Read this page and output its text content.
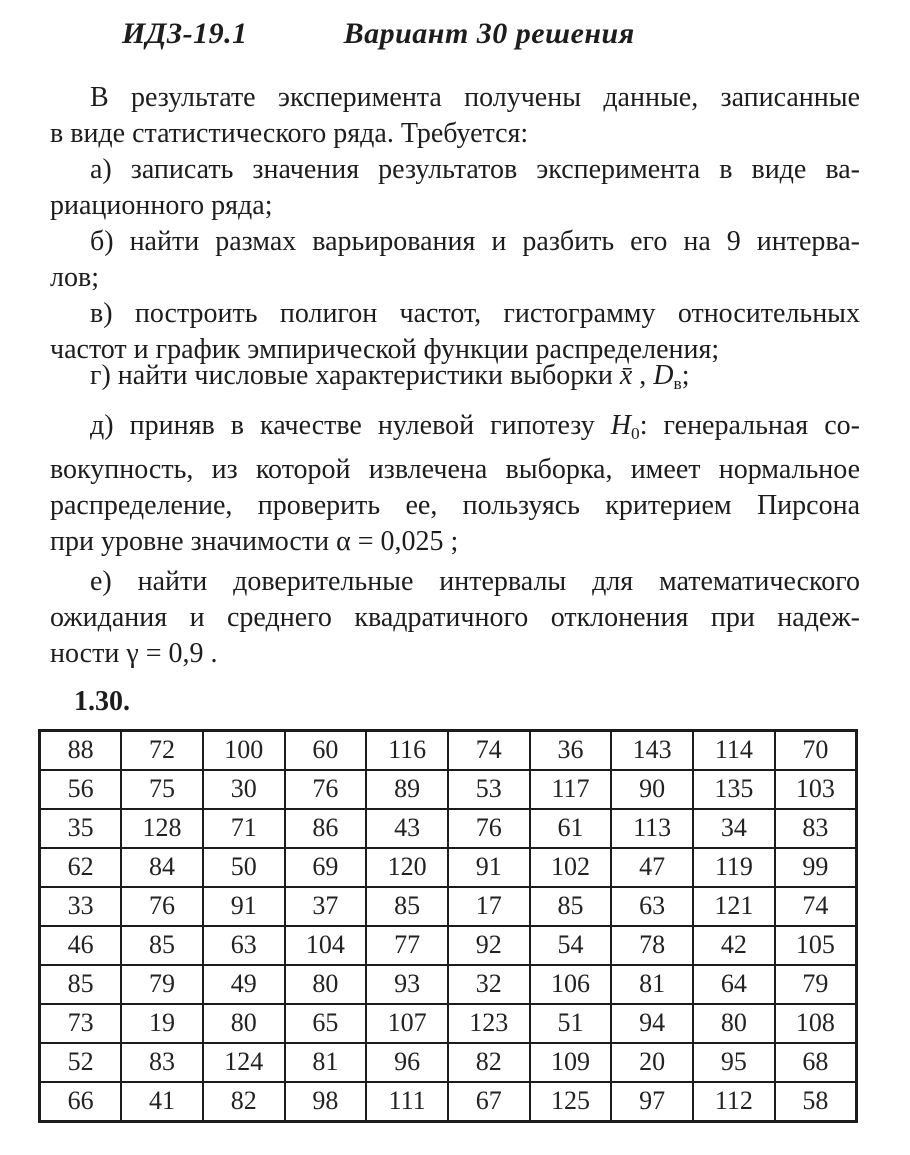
ИДЗ-19.1	Вариант 30 решения
В результате эксперимента получены данные, записанные
в виде статистического ряда. Требуется:
а) записать значения результатов эксперимента в виде ва-
риационного ряда;
б) найти размах варьирования и разбить его на 9 интерва-
лов;
в) построить полигон частот, гистограмму относительных
частот и график эмпирической функции распределения;
г) найти числовые характеристики выборки x̄ , $D_в$;
д) приняв в качестве нулевой гипотезу $H_0$: генеральная со-
вокупность, из которой извлечена выборка, имеет нормальное
распределение, проверить ее, пользуясь критерием Пирсона
при уровне значимости α = 0,025 ;
е) найти доверительные интервалы для математического
ожидания и среднего квадратичного отклонения при надеж-
ности γ = 0,9 .
1.30.
88	72	100	60	116	74	36	143	114	70
56	75	30	76	89	53	117	90	135	103
35	128	71	86	43	76	61	113	34	83
62	84	50	69	120	91	102	47	119	99
33	76	91	37	85	17	85	63	121	74
46	85	63	104	77	92	54	78	42	105
85	79	49	80	93	32	106	81	64	79
73	19	80	65	107	123	51	94	80	108
52	83	124	81	96	82	109	20	95	68
66	41	82	98	111	67	125	97	112	58
